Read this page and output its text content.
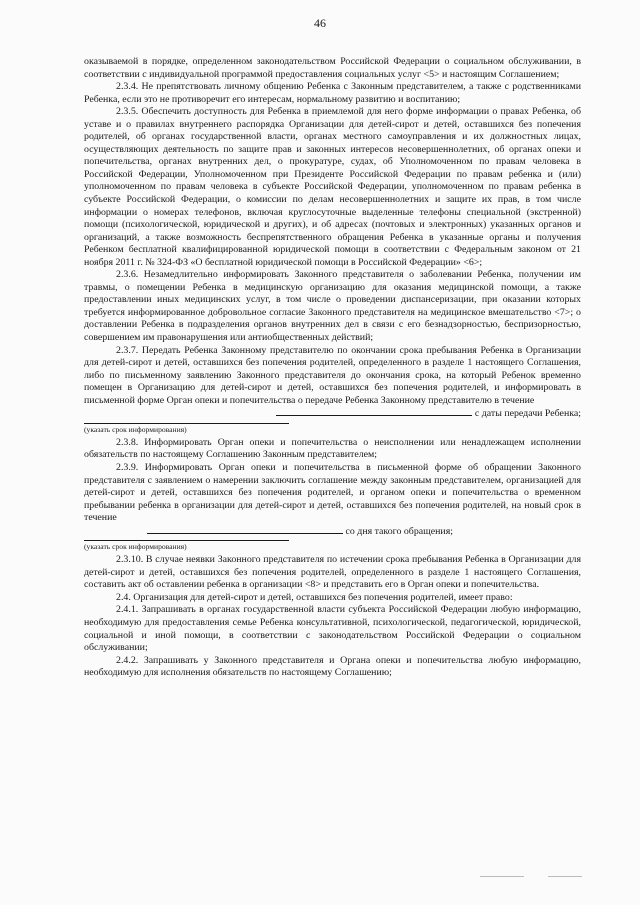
46

оказываемой в порядке, определенном законодательством Российской Федерации о социальном обслуживании, в соответствии с индивидуальной программой предоставления социальных услуг <5> и настоящим Соглашением;

2.3.4. Не препятствовать личному общению Ребенка с Законным представителем, а также с родственниками Ребенка, если это не противоречит его интересам, нормальному развитию и воспитанию;

2.3.5. Обеспечить доступность для Ребенка в приемлемой для него форме информации о правах Ребенка, об уставе и о правилах внутреннего распорядка Организации для детей-сирот и детей, оставшихся без попечения родителей, об органах государственной власти, органах местного самоуправления и их должностных лицах, осуществляющих деятельность по защите прав и законных интересов несовершеннолетних, об органах опеки и попечительства, органах внутренних дел, о прокуратуре, судах, об Уполномоченном по правам человека в Российской Федерации, Уполномоченном при Президенте Российской Федерации по правам ребенка и (или) уполномоченном по правам человека в субъекте Российской Федерации, уполномоченном по правам ребенка в субъекте Российской Федерации, о комиссии по делам несовершеннолетних и защите их прав, в том числе информации о номерах телефонов, включая круглосуточные выделенные телефоны специальной (экстренной) помощи (психологической, юридической и других), и об адресах (почтовых и электронных) указанных органов и организаций, а также возможность беспрепятственного обращения Ребенка в указанные органы и получения Ребенком бесплатной квалифицированной юридической помощи в соответствии с Федеральным законом от 21 ноября 2011 г. № 324-ФЗ «О бесплатной юридической помощи в Российской Федерации» <6>;

2.3.6. Незамедлительно информировать Законного представителя о заболевании Ребенка, получении им травмы, о помещении Ребенка в медицинскую организацию для оказания медицинской помощи, а также предоставлении иных медицинских услуг, в том числе о проведении диспансеризации, при оказании которых требуется информированное добровольное согласие Законного представителя на медицинское вмешательство <7>; о доставлении Ребенка в подразделения органов внутренних дел в связи с его безнадзорностью, беспризорностью, совершением им правонарушения или антиобщественных действий;

2.3.7. Передать Ребенка Законному представителю по окончании срока пребывания Ребенка в Организации для детей-сирот и детей, оставшихся без попечения родителей, определенного в разделе 1 настоящего Соглашения, либо по письменному заявлению Законного представителя до окончания срока, на который Ребенок временно помещен в Организацию для детей-сирот и детей, оставшихся без попечения родителей, и информировать в письменной форме Орган опеки и попечительства о передаче Ребенка Законному представителю в течение

с даты передачи Ребенка;

(указать срок информирования)

2.3.8. Информировать Орган опеки и попечительства о неисполнении или ненадлежащем исполнении обязательств по настоящему Соглашению Законным представителем;

2.3.9. Информировать Орган опеки и попечительства в письменной форме об обращении Законного представителя с заявлением о намерении заключить соглашение между законным представителем, организацией для детей-сирот и детей, оставшихся без попечения родителей, и органом опеки и попечительства о временном пребывании ребенка в организации для детей-сирот и детей, оставшихся без попечения родителей, на новый срок в течение

со дня такого обращения;

(указать срок информирования)

2.3.10. В случае неявки Законного представителя по истечении срока пребывания Ребенка в Организации для детей-сирот и детей, оставшихся без попечения родителей, определенного в разделе 1 настоящего Соглашения, составить акт об оставлении ребенка в организации <8> и представить его в Орган опеки и попечительства.

2.4. Организация для детей-сирот и детей, оставшихся без попечения родителей, имеет право:

2.4.1. Запрашивать в органах государственной власти субъекта Российской Федерации любую информацию, необходимую для предоставления семье Ребенка консультативной, психологической, педагогической, юридической, социальной и иной помощи, в соответствии с законодательством Российской Федерации о социальном обслуживании;

2.4.2. Запрашивать у Законного представителя и Органа опеки и попечительства любую информацию, необходимую для исполнения обязательств по настоящему Соглашению;
